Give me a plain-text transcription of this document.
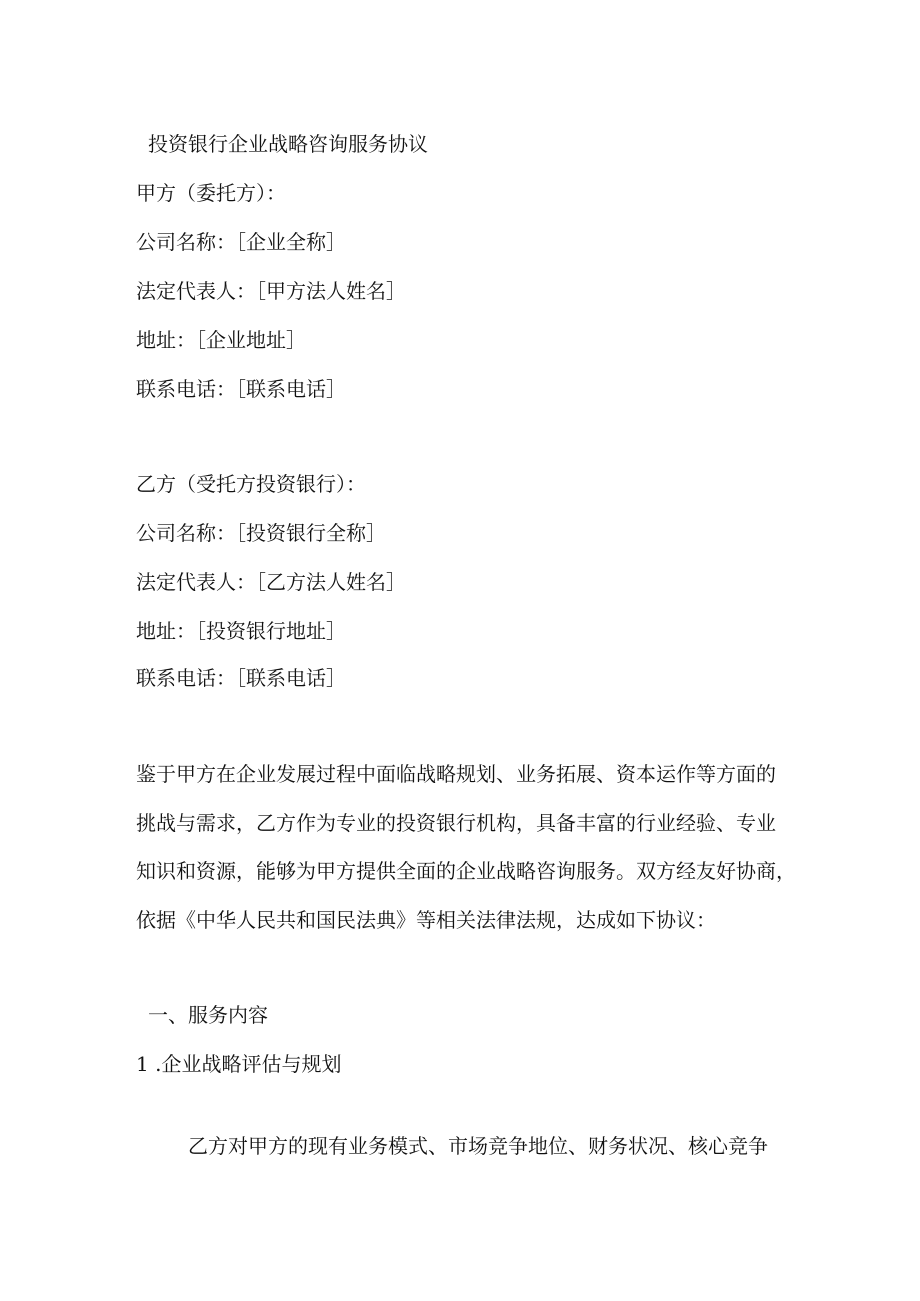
投资银行企业战略咨询服务协议
甲方（委托方）：
公司名称：［企业全称］
法定代表人：［甲方法人姓名］
地址：［企业地址］
联系电话：［联系电话］
乙方（受托方投资银行）：
公司名称：［投资银行全称］
法定代表人：［乙方法人姓名］
地址：［投资银行地址］
联系电话：［联系电话］
鉴于甲方在企业发展过程中面临战略规划、业务拓展、资本运作等方面的
挑战与需求，乙方作为专业的投资银行机构，具备丰富的行业经验、专业
知识和资源，能够为甲方提供全面的企业战略咨询服务。双方经友好协商，
依据《中华人民共和国民法典》等相关法律法规，达成如下协议：
一、服务内容
1 .企业战略评估与规划
乙方对甲方的现有业务模式、市场竞争地位、财务状况、核心竞争
